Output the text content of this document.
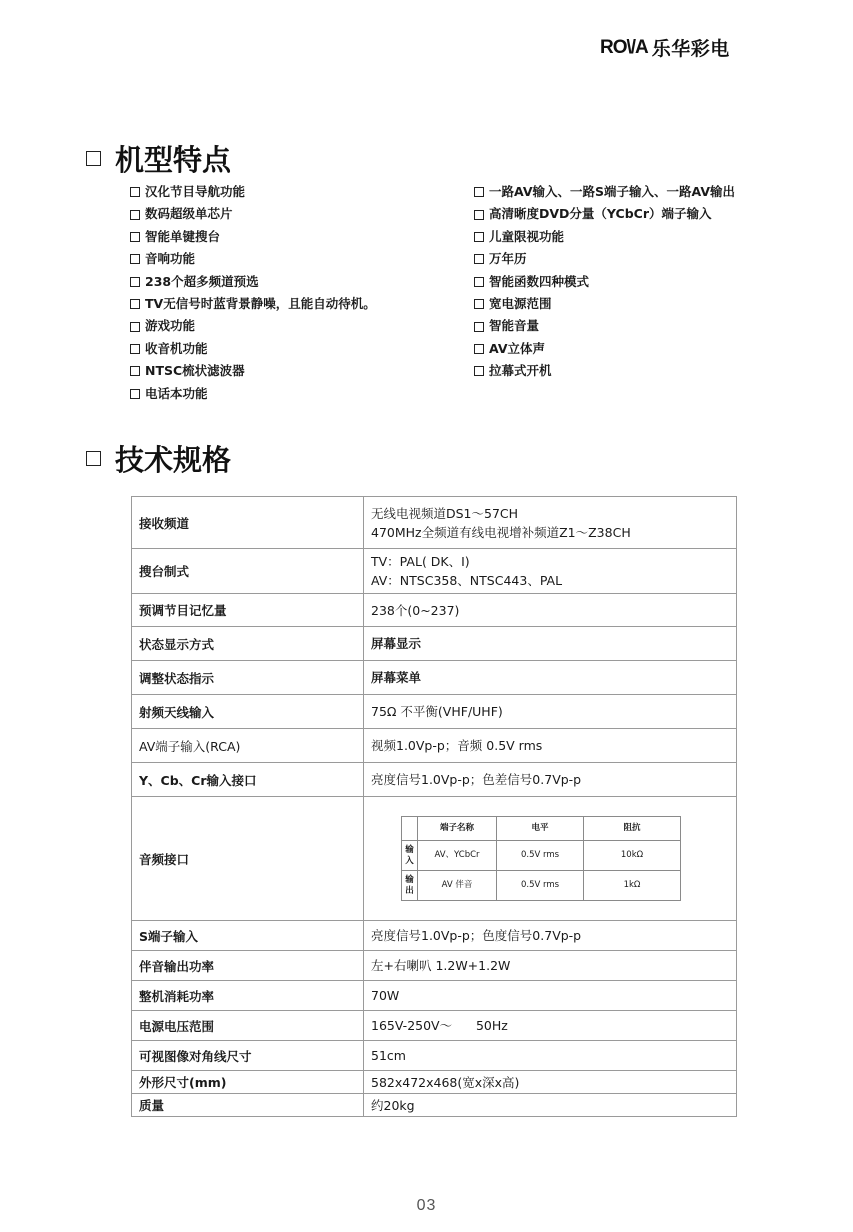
RO\/A 乐华彩电
机型特点
汉化节目导航功能
数码超级单芯片
智能单键搜台
音响功能
238个超多频道预选
TV无信号时蓝背景静噪，且能自动待机。
游戏功能
收音机功能
NTSC梳状滤波器
电话本功能
一路AV输入、一路S端子输入、一路AV输出
高清晰度DVD分量（YCbCr）端子输入
儿童限视功能
万年历
智能函数四种模式
宽电源范围
智能音量
AV立体声
拉幕式开机
技术规格
接收频道	
无线电视频道DS1～57CH
470MHz全频道有线电视增补频道Z1～Z38CH

搜台制式	
TV：PAL( DK、I)
AV：NTSC358、NTSC443、PAL

预调节目记忆量	238个(0~237)
状态显示方式	屏幕显示
调整状态指示	屏幕菜单
射频天线输入	75Ω 不平衡(VHF/UHF)
AV端子输入(RCA)	视频1.0Vp-p；音频 0.5V rms
Y、Cb、Cr输入接口	亮度信号1.0Vp-p；色差信号0.7Vp-p
音频接口	
	端子名称	电平	阻抗
输入	AV、YCbCr	0.5V rms	10kΩ
输出	AV 伴音	0.5V rms	1kΩ

S端子输入	亮度信号1.0Vp-p；色度信号0.7Vp-p
伴音输出功率	左+右喇叭 1.2W+1.2W
整机消耗功率	70W
电源电压范围	165V-250V～      50Hz
可视图像对角线尺寸	51cm
外形尺寸(mm)	582x472x468(宽x深x高)
质量	约20kg
03
